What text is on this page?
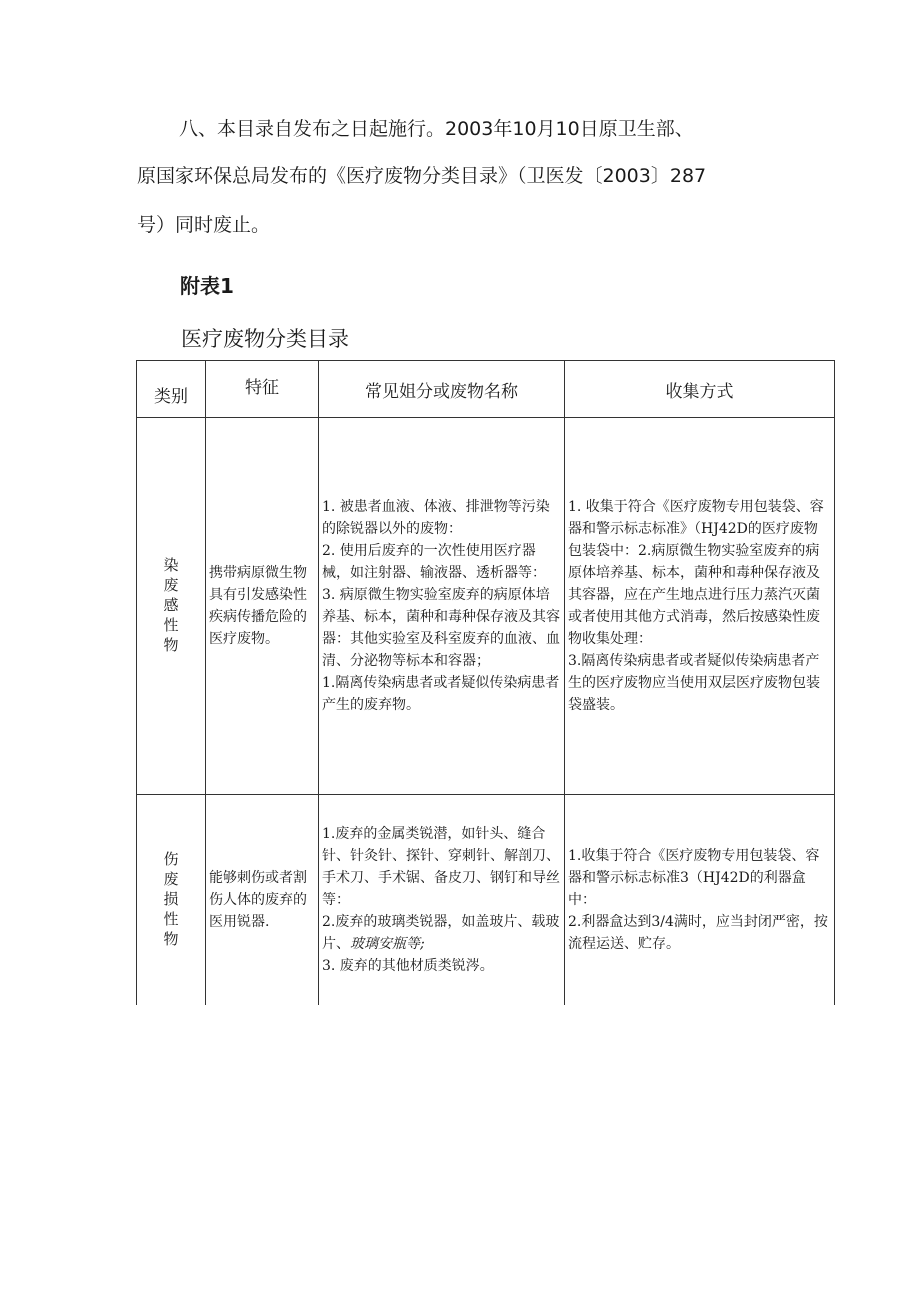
八、本目录自发布之日起施行。2003年10月10日原卫生部、
原国家环保总局发布的《医疗废物分类目录》（卫医发〔2003〕287
号）同时废止。
附表1
医疗废物分类目录
类别	特征	常见姐分或废物名称	收集方式
染废感性物	携带病原微生物具有引发感染性疾病传播危险的医疗废物。	1. 被患者血液、体液、排泄物等污染的除锐器以外的废物：
2. 使用后废弃的一次性使用医疗器械，如注射器、输液器、透析器等：
3. 病原微生物实验室废弃的病原体培养基、标本，菌种和毒种保存液及其容器：其他实验室及科室废弃的血液、血清、分泌物等标本和容器；
1.隔离传染病患者或者疑似传染病患者产生的废弃物。	1. 收集于符合《医疗废物专用包装袋、容器和警示标志标准》（HJ42D的医疗废物包装袋中：2.病原微生物实验室废弃的病原体培养基、标本，菌种和毒种保存液及其容器，应在产生地点进行压力蒸汽灭菌或者使用其他方式消毒，然后按感染性废物收集处理：
3.隔离传染病患者或者疑似传染病患者产生的医疗废物应当使用双层医疗废物包装袋盛装。

伤废损性物	能够刺伤或者割伤人体的废弃的医用锐器.	1.废弃的金属类锐潜，如针头、缝合针、针灸针、探针、穿刺针、解剖刀、手术刀、手术锯、备皮刀、钢钉和导丝等：
2.废弃的玻璃类锐器，如盖玻片、载玻片、玻璃安瓶等;
3. 废弃的其他材质类锐涔。	1.收集于符合《医疗废物专用包装袋、容器和警示标志标准3（HJ42D的利器盒中：
2.利器盒达到3/4满时，应当封闭严密，按流程运送、贮存。
